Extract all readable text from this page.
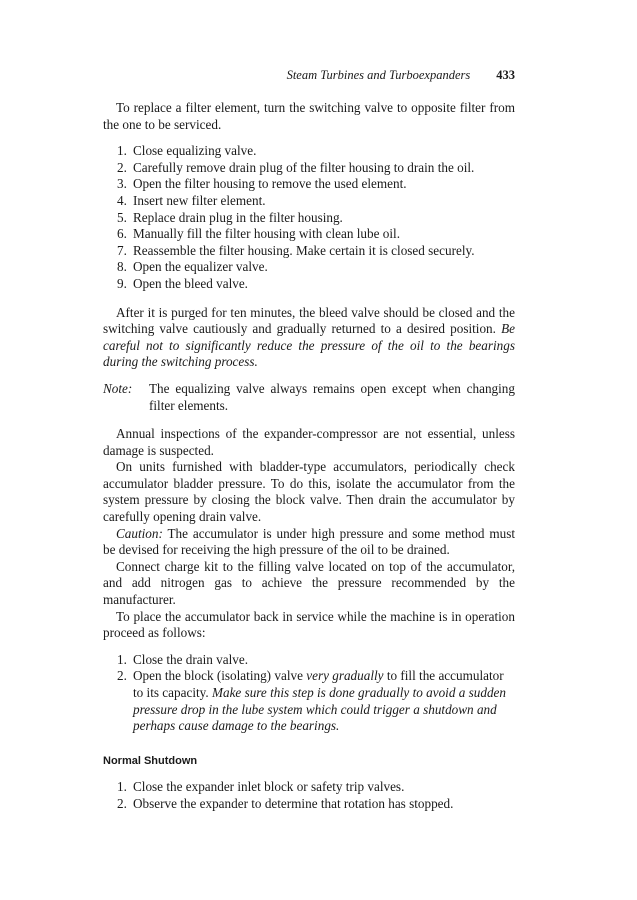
Steam Turbines and Turboexpanders 433

To replace a filter element, turn the switching valve to opposite filter from the one to be serviced.

1. Close equalizing valve.
2. Carefully remove drain plug of the filter housing to drain the oil.
3. Open the filter housing to remove the used element.
4. Insert new filter element.
5. Replace drain plug in the filter housing.
6. Manually fill the filter housing with clean lube oil.
7. Reassemble the filter housing. Make certain it is closed securely.
8. Open the equalizer valve.
9. Open the bleed valve.

After it is purged for ten minutes, the bleed valve should be closed and the switching valve cautiously and gradually returned to a desired position. Be careful not to significantly reduce the pressure of the oil to the bearings during the switching process.

Note:	The equalizing valve always remains open except when changing filter elements.

Annual inspections of the expander-compressor are not essential, unless damage is suspected.

On units furnished with bladder-type accumulators, periodically check accumulator bladder pressure. To do this, isolate the accumulator from the system pressure by closing the block valve. Then drain the accumulator by carefully opening drain valve.

Caution: The accumulator is under high pressure and some method must be devised for receiving the high pressure of the oil to be drained.

Connect charge kit to the filling valve located on top of the accumulator, and add nitrogen gas to achieve the pressure recommended by the manufacturer.

To place the accumulator back in service while the machine is in operation proceed as follows:

1. Close the drain valve.
2. Open the block (isolating) valve very gradually to fill the accumulator to its capacity. Make sure this step is done gradually to avoid a sudden pressure drop in the lube system which could trigger a shutdown and perhaps cause damage to the bearings.
Normal Shutdown
1. Close the expander inlet block or safety trip valves.
2. Observe the expander to determine that rotation has stopped.
